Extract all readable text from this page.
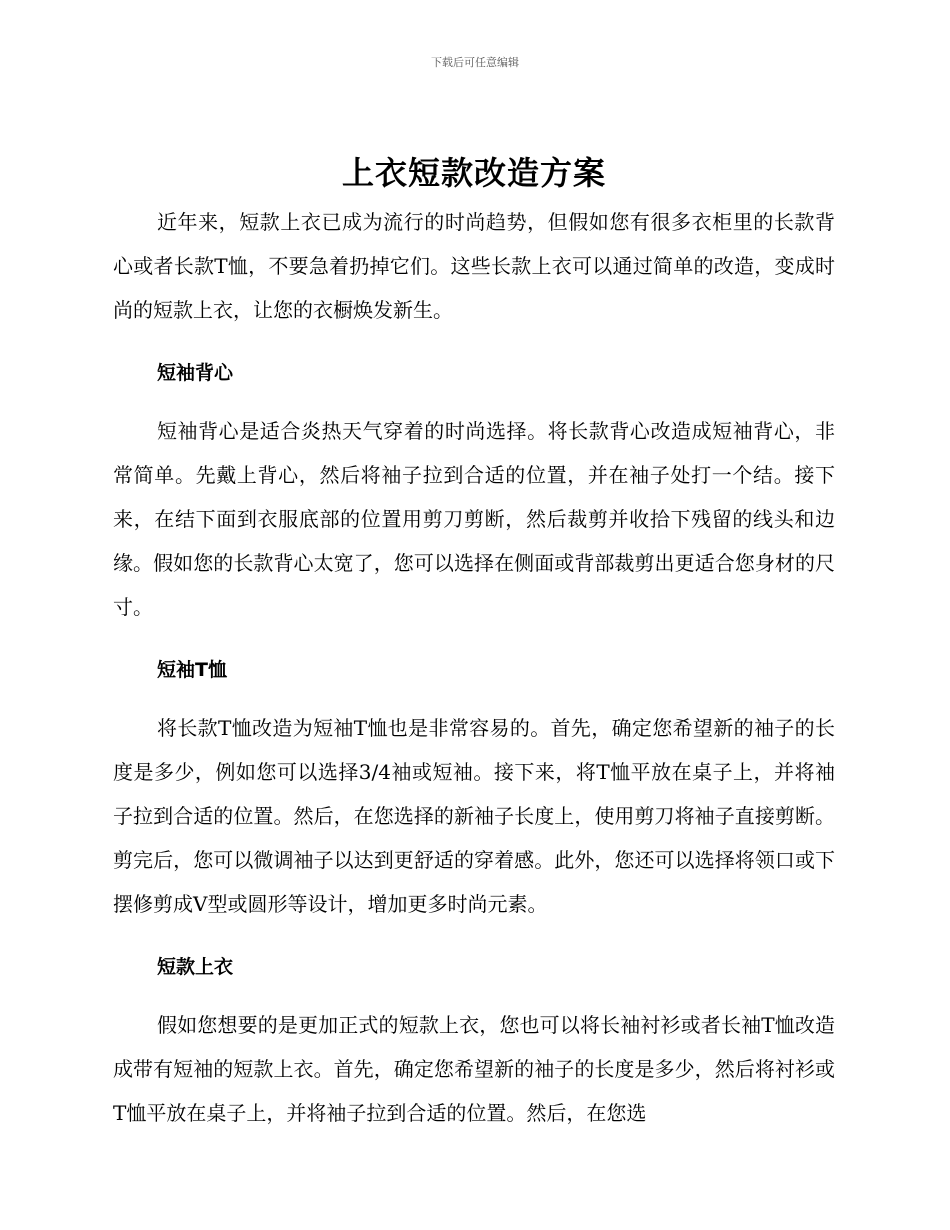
下载后可任意编辑
上衣短款改造方案

近年来，短款上衣已成为流行的时尚趋势，但假如您有很多衣柜里的长款背心或者长款T恤，不要急着扔掉它们。这些长款上衣可以通过简单的改造，变成时尚的短款上衣，让您的衣橱焕发新生。

短袖背心

短袖背心是适合炎热天气穿着的时尚选择。将长款背心改造成短袖背心，非常简单。先戴上背心，然后将袖子拉到合适的位置，并在袖子处打一个结。接下来，在结下面到衣服底部的位置用剪刀剪断，然后裁剪并收拾下残留的线头和边缘。假如您的长款背心太宽了，您可以选择在侧面或背部裁剪出更适合您身材的尺寸。

短袖T恤

将长款T恤改造为短袖T恤也是非常容易的。首先，确定您希望新的袖子的长度是多少，例如您可以选择3/4袖或短袖。接下来，将T恤平放在桌子上，并将袖子拉到合适的位置。然后，在您选择的新袖子长度上，使用剪刀将袖子直接剪断。剪完后，您可以微调袖子以达到更舒适的穿着感。此外，您还可以选择将领口或下摆修剪成V型或圆形等设计，增加更多时尚元素。

短款上衣

假如您想要的是更加正式的短款上衣，您也可以将长袖衬衫或者长袖T恤改造成带有短袖的短款上衣。首先，确定您希望新的袖子的长度是多少，然后将衬衫或T恤平放在桌子上，并将袖子拉到合适的位置。然后，在您选
